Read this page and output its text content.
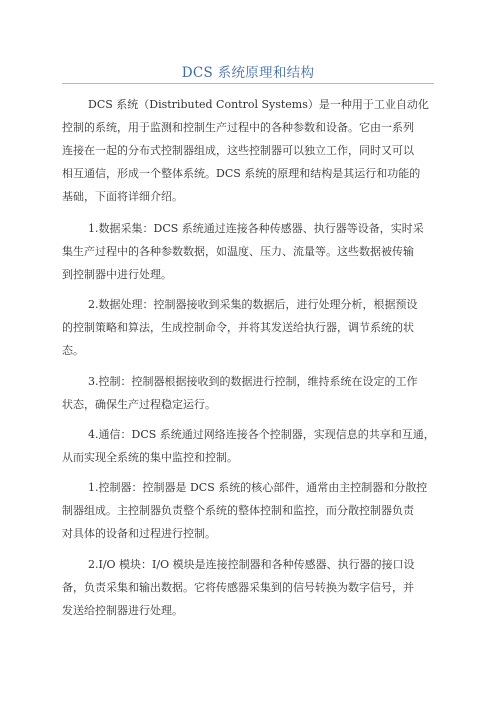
DCS 系统原理和结构
DCS 系统（Distributed Control Systems）是一种用于工业自动化
控制的系统，用于监测和控制生产过程中的各种参数和设备。它由一系列
连接在一起的分布式控制器组成，这些控制器可以独立工作，同时又可以
相互通信，形成一个整体系统。DCS 系统的原理和结构是其运行和功能的
基础，下面将详细介绍。
1.数据采集：DCS 系统通过连接各种传感器、执行器等设备，实时采
集生产过程中的各种参数数据，如温度、压力、流量等。这些数据被传输
到控制器中进行处理。
2.数据处理：控制器接收到采集的数据后，进行处理分析，根据预设
的控制策略和算法，生成控制命令，并将其发送给执行器，调节系统的状
态。
3.控制：控制器根据接收到的数据进行控制，维持系统在设定的工作
状态，确保生产过程稳定运行。
4.通信：DCS 系统通过网络连接各个控制器，实现信息的共享和互通，
从而实现全系统的集中监控和控制。
1.控制器：控制器是 DCS 系统的核心部件，通常由主控制器和分散控
制器组成。主控制器负责整个系统的整体控制和监控，而分散控制器负责
对具体的设备和过程进行控制。
2.I/O 模块：I/O 模块是连接控制器和各种传感器、执行器的接口设
备，负责采集和输出数据。它将传感器采集到的信号转换为数字信号，并
发送给控制器进行处理。
